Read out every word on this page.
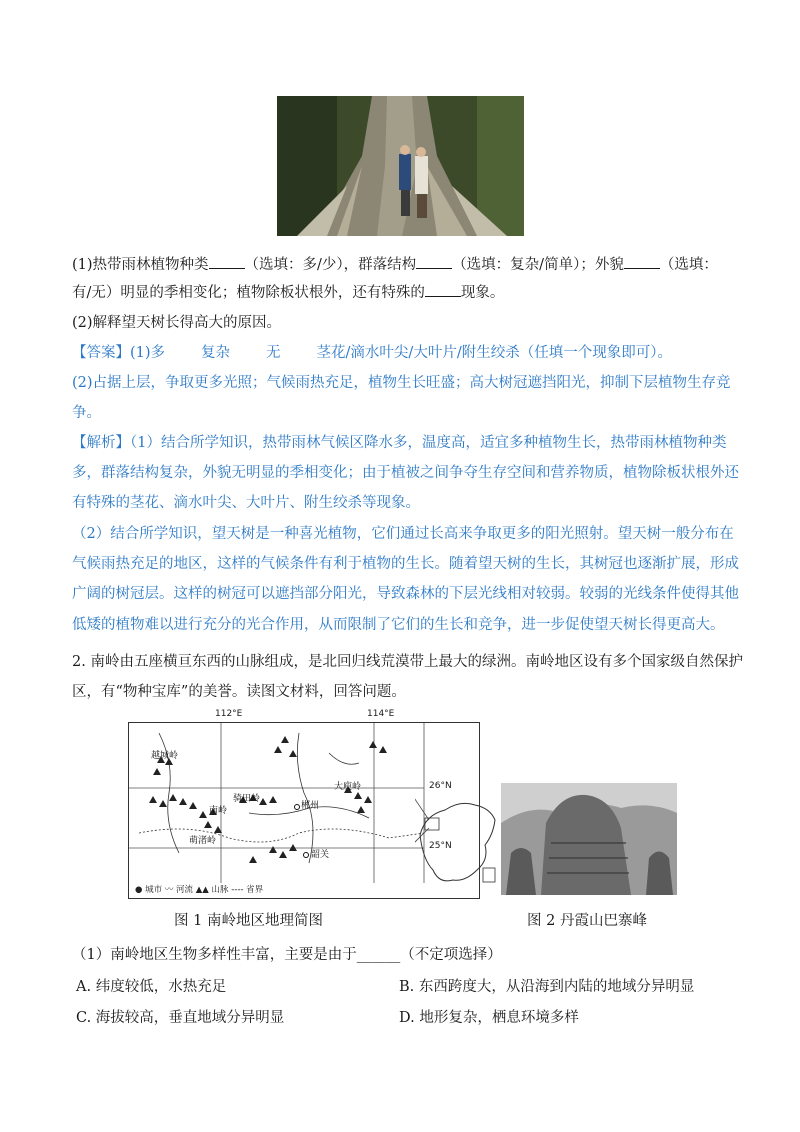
(1)热带雨林植物种类 （选填：多/少），群落结构 （选填：复杂/简单）；外貌 （选填：
有/无）明显的季相变化；植物除板状根外，还有特殊的 现象。
(2)解释望天树长得高大的原因。
【答案】(1)多 复杂 无 茎花/滴水叶尖/大叶片/附生绞杀（任填一个现象即可）。
(2)占据上层，争取更多光照；气候雨热充足，植物生长旺盛；高大树冠遮挡阳光，抑制下层植物生存竞
争。
【解析】（1）结合所学知识，热带雨林气候区降水多，温度高，适宜多种植物生长，热带雨林植物种类
多，群落结构复杂，外貌无明显的季相变化；由于植被之间争夺生存空间和营养物质，植物除板状根外还
有特殊的茎花、滴水叶尖、大叶片、附生绞杀等现象。
（2）结合所学知识，望天树是一种喜光植物，它们通过长高来争取更多的阳光照射。望天树一般分布在
气候雨热充足的地区，这样的气候条件有利于植物的生长。随着望天树的生长，其树冠也逐渐扩展，形成
广阔的树冠层。这样的树冠可以遮挡部分阳光，导致森林的下层光线相对较弱。较弱的光线条件使得其他
低矮的植物难以进行充分的光合作用，从而限制了它们的生长和竞争，进一步促使望天树长得更高大。
2. 南岭由五座横亘东西的山脉组成，是北回归线荒漠带上最大的绿洲。南岭地区设有多个国家级自然保护
区，有“物种宝库”的美誉。读图文材料，回答问题。
郴州
韶关
越城岭
骑田岭
大庾岭
南岭
萌渚岭
112°E	114°E
26°N
25°N
● 城市 〰 河流 ▲▲ 山脉 ---- 省界
图 1 南岭地区地理简图	图 2 丹霞山巴寨峰
（1）南岭地区生物多样性丰富，主要是由于______（不定项选择）
A. 纬度较低，水热充足	B. 东西跨度大，从沿海到内陆的地域分异明显
C. 海拔较高，垂直地域分异明显	D. 地形复杂，栖息环境多样
